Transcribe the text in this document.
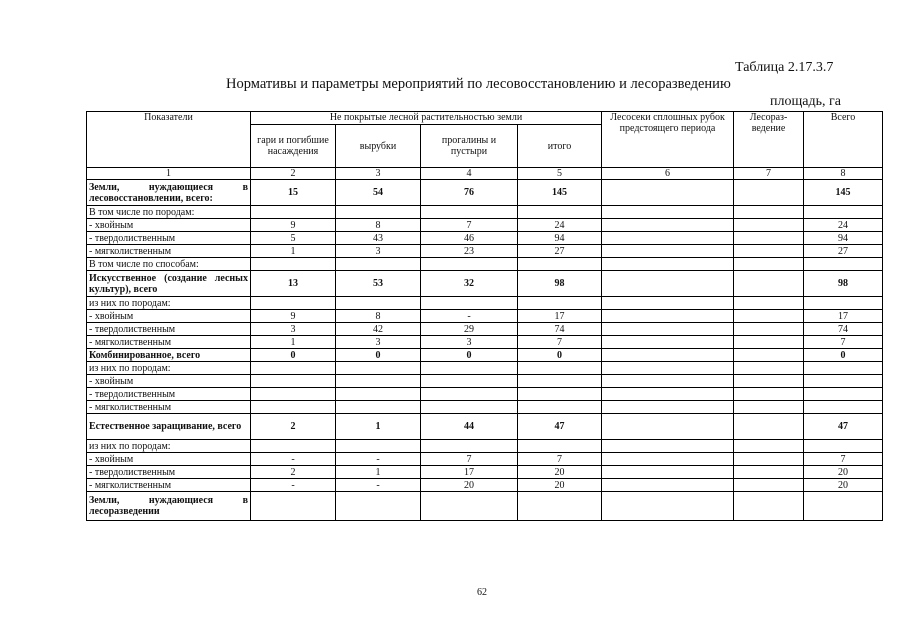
Таблица 2.17.3.7
Нормативы и параметры мероприятий по лесовосстановлению и лесоразведению
площадь, га
Показатели	Не покрытые лесной растительностью земли				Лесосеки сплошных рубок предстоящего периода	Лесораз-ведение	Всего
	гари и погибшие насаждения	вырубки	прогалины и пустыри	итого			
1	2	3	4	5	6	7	8
Земли, нуждающиеся в лесовосстановлении, всего:	15	54	76	145			145
В том числе по породам:							
- хвойным	9	8	7	24			24
- твердолиственным	5	43	46	94			94
- мягколиственным	1	3	23	27			27
В том числе по способам:							
Искусственное (создание лесных культур), всего	13	53	32	98			98
из них по породам:							
- хвойным	9	8	-	17			17
- твердолиственным	3	42	29	74			74
- мягколиственным	1	3	3	7			7
Комбинированное, всего	0	0	0	0			0
из них по породам:							
- хвойным							
- твердолиственным							
- мягколиственным							
Естественное заращивание, всего	2	1	44	47			47
из них по породам:							
- хвойным	-	-	7	7			7
- твердолиственным	2	1	17	20			20
- мягколиственным	-	-	20	20			20
Земли, нуждающиеся в лесоразведении							
62
